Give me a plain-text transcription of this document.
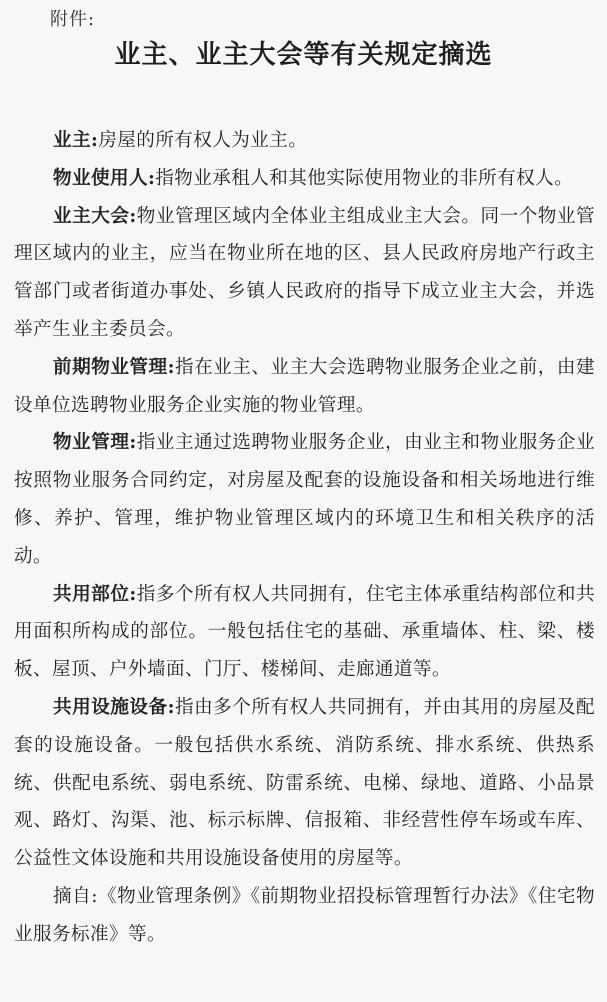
附件:
业主、业主大会等有关规定摘选

业主:房屋的所有权人为业主。

物业使用人:指物业承租人和其他实际使用物业的非所有权人。

业主大会:物业管理区域内全体业主组成业主大会。同一个物业管理区域内的业主，应当在物业所在地的区、县人民政府房地产行政主管部门或者街道办事处、乡镇人民政府的指导下成立业主大会，并选举产生业主委员会。

前期物业管理:指在业主、业主大会选聘物业服务企业之前，由建设单位选聘物业服务企业实施的物业管理。

物业管理:指业主通过选聘物业服务企业，由业主和物业服务企业按照物业服务合同约定，对房屋及配套的设施设备和相关场地进行维修、养护、管理，维护物业管理区域内的环境卫生和相关秩序的活动。

共用部位:指多个所有权人共同拥有，住宅主体承重结构部位和共用面积所构成的部位。一般包括住宅的基础、承重墙体、柱、梁、楼板、屋顶、户外墙面、门厅、楼梯间、走廊通道等。

共用设施设备:指由多个所有权人共同拥有，并由其用的房屋及配套的设施设备。一般包括供水系统、消防系统、排水系统、供热系统、供配电系统、弱电系统、防雷系统、电梯、绿地、道路、小品景观、路灯、沟渠、池、标示标牌、信报箱、非经营性停车场或车库、公益性文体设施和共用设施设备使用的房屋等。

摘自:《物业管理条例》《前期物业招投标管理暂行办法》《住宅物业服务标准》等。
